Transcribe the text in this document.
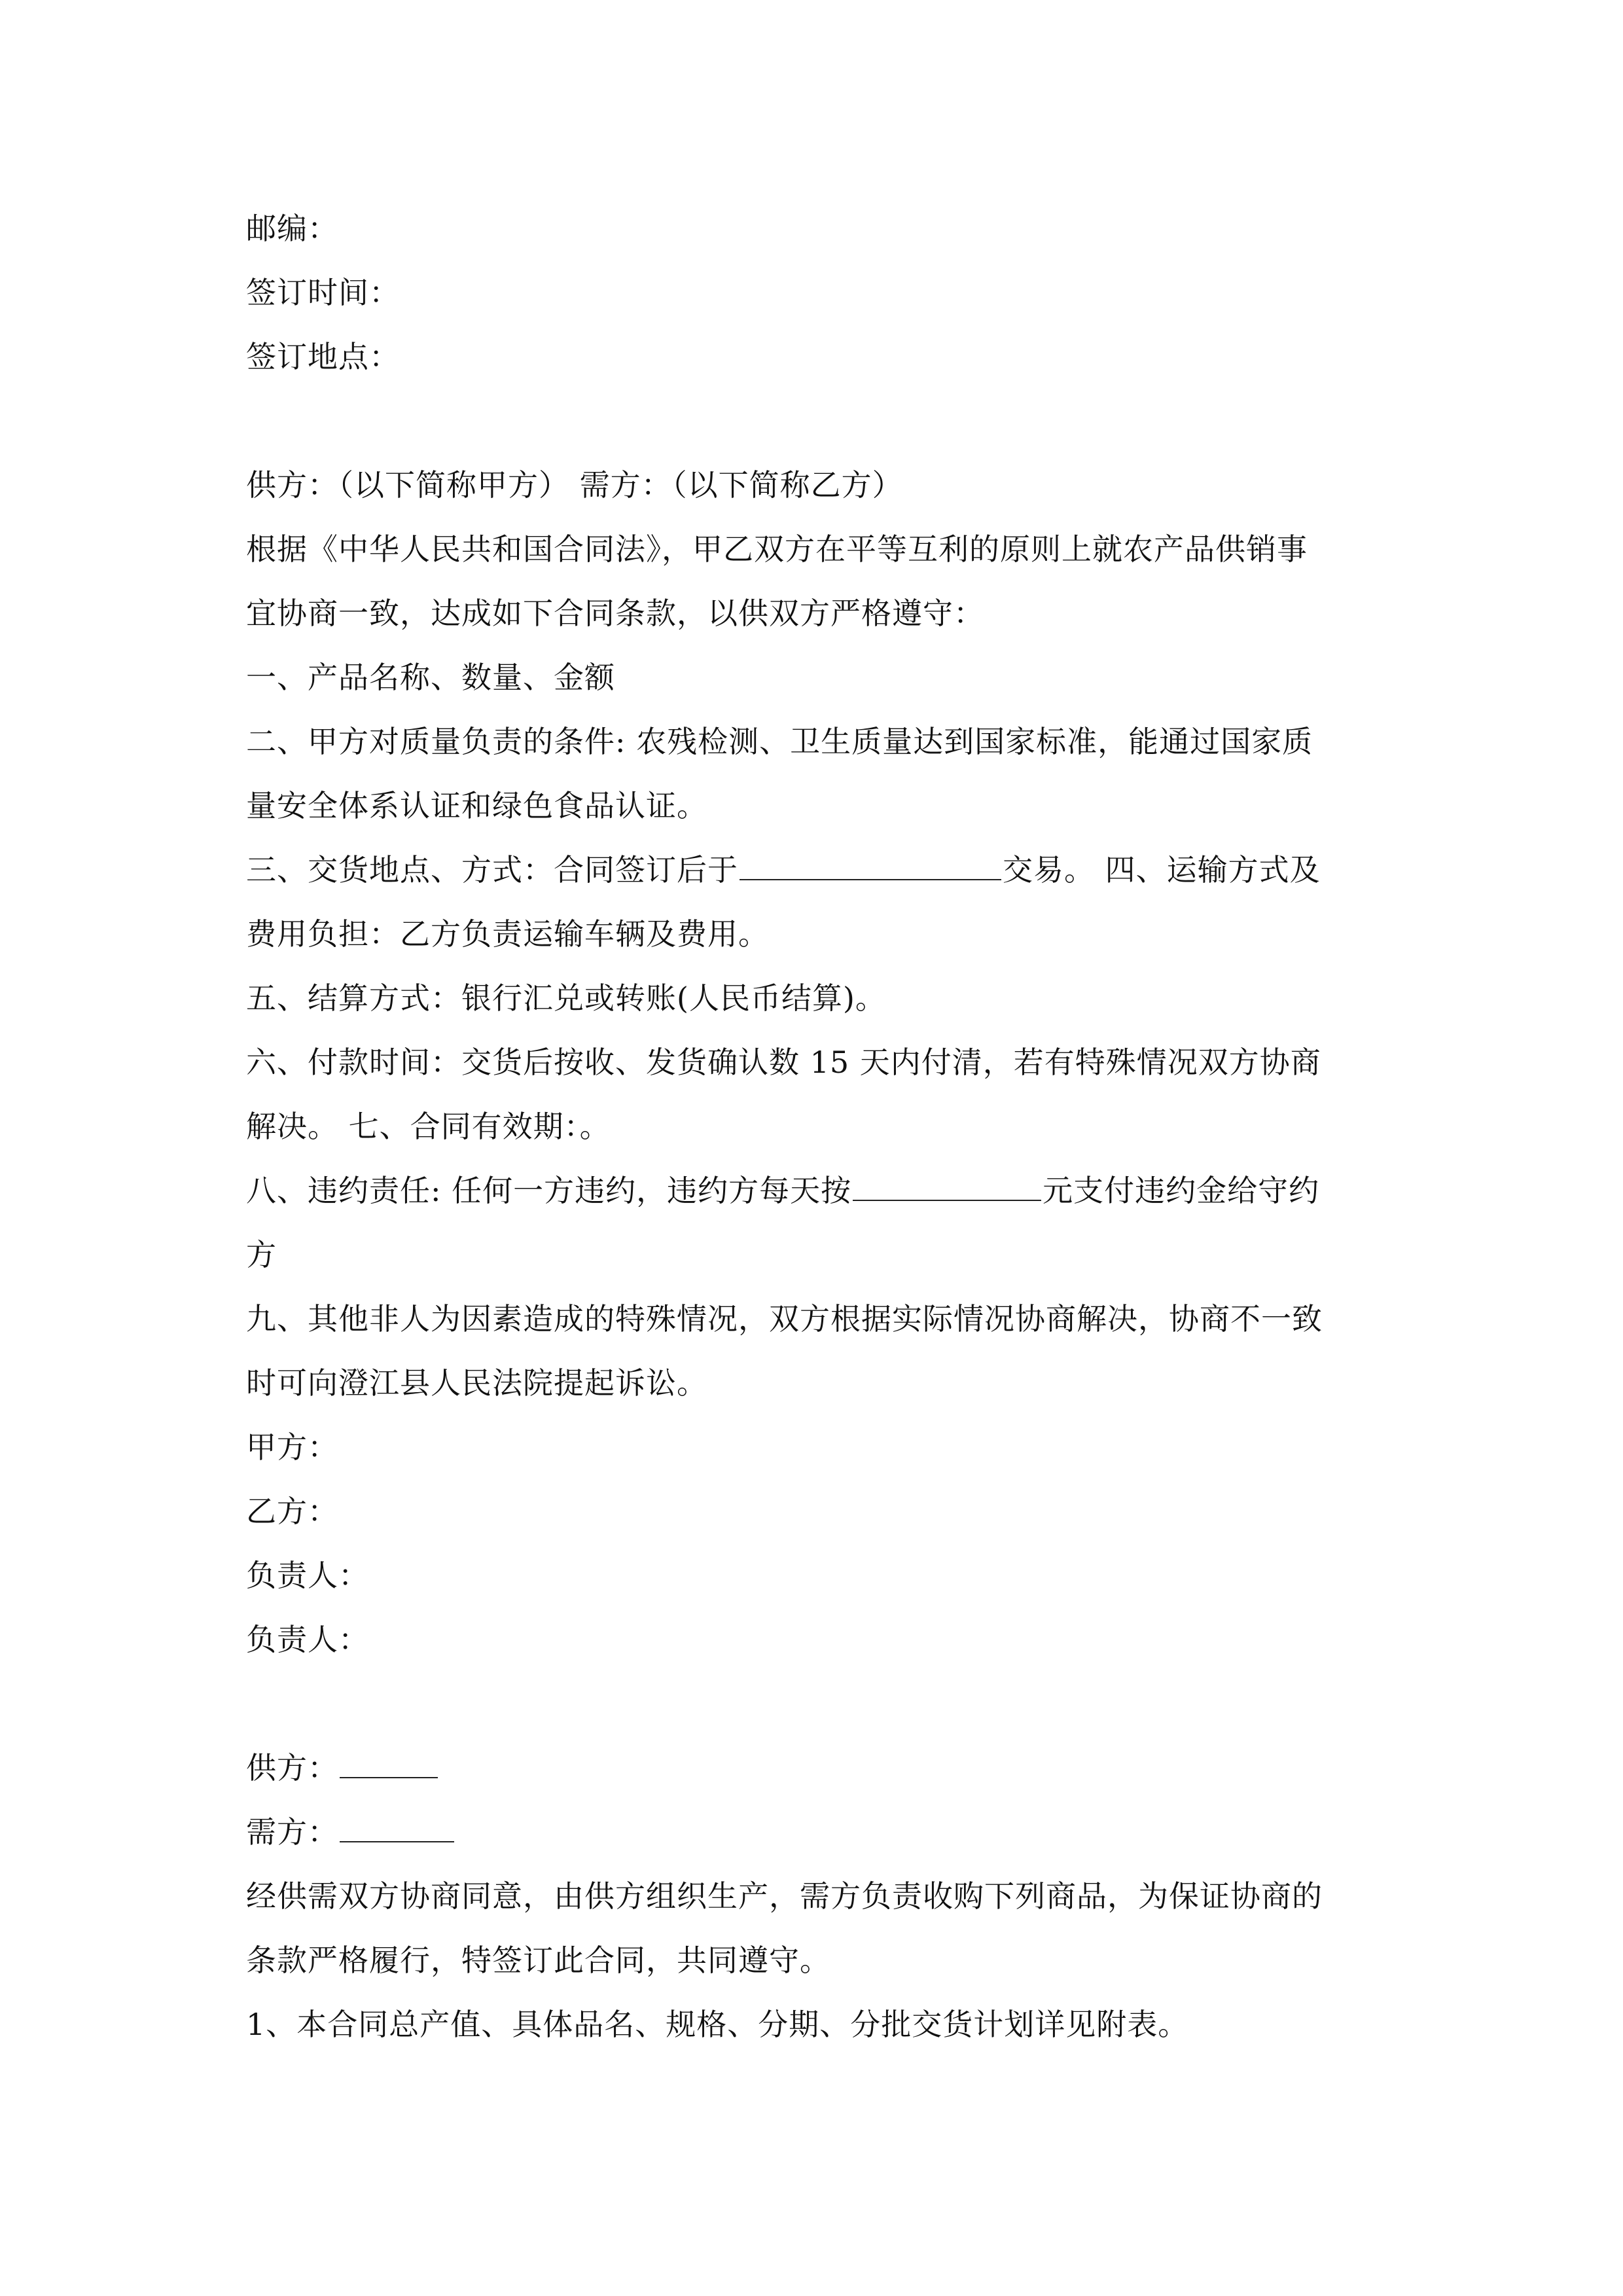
邮编：
签订时间：
签订地点：
供方：（以下简称甲方） 需方：（以下简称乙方）
根据《中华人民共和国合同法》，甲乙双方在平等互利的原则上就农产品供销事
宜协商一致，达成如下合同条款，以供双方严格遵守：
一、产品名称、数量、金额
二、甲方对质量负责的条件: 农残检测、卫生质量达到国家标准，能通过国家质
量安全体系认证和绿色食品认证。
三、交货地点、方式：合同签订后于	交易。 四、运输方式及
费用负担：乙方负责运输车辆及费用。
五、结算方式：银行汇兑或转账(人民币结算)。
六、付款时间：交货后按收、发货确认数 15 天内付清，若有特殊情况双方协商
解决。 七、合同有效期：。
八、违约责任: 任何一方违约，违约方每天按	元支付违约金给守约
方
九、其他非人为因素造成的特殊情况，双方根据实际情况协商解决，协商不一致
时可向澄江县人民法院提起诉讼。
甲方：
乙方：
负责人：
负责人：
供方：
需方：
经供需双方协商同意，由供方组织生产，需方负责收购下列商品，为保证协商的
条款严格履行，特签订此合同，共同遵守。
1、本合同总产值、具体品名、规格、分期、分批交货计划详见附表。
